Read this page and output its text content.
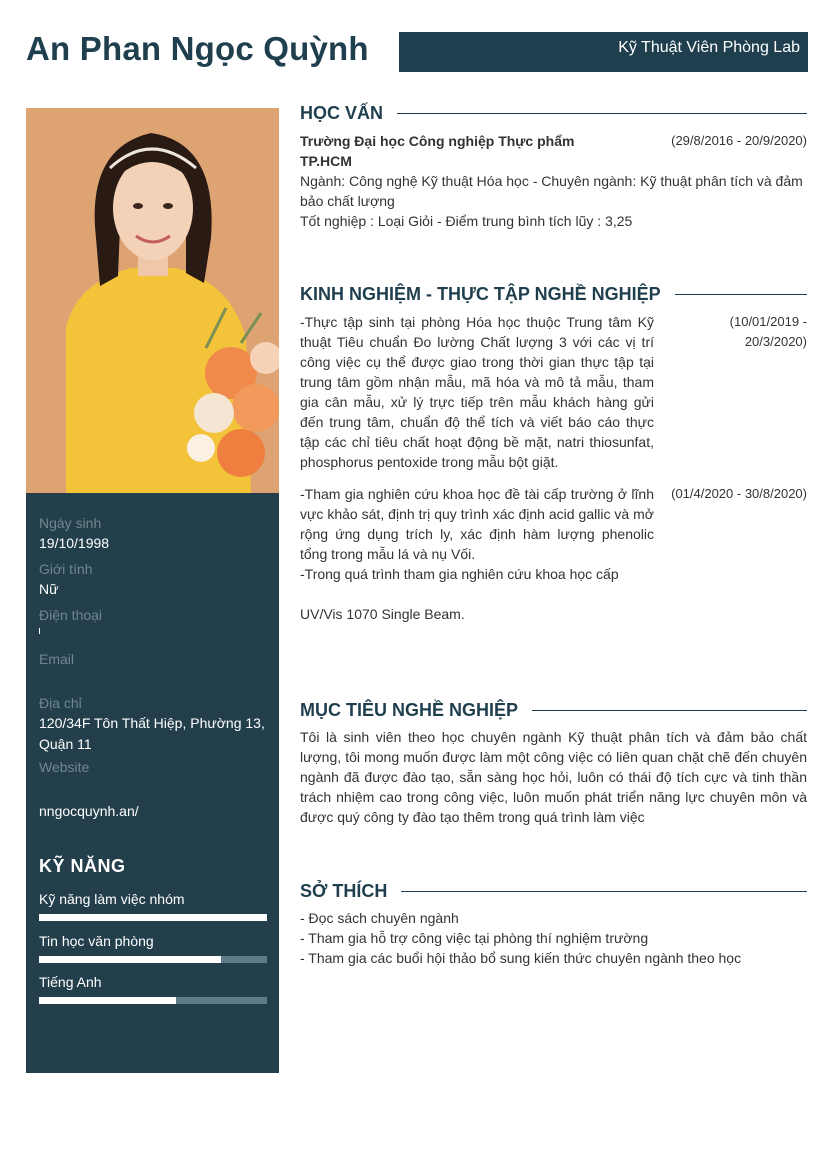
An Phan Ngọc Quỳnh	Kỹ Thuật Viên Phòng Lab
Ngày sinh
19/10/1998
Giới tính
Nữ
Điện thoại
Email
Địa chỉ
120/34F Tôn Thất Hiệp, Phường 13, Quận 11
Website
nngocquynh.an/
KỸ NĂNG
Kỹ năng làm việc nhóm
Tin học văn phòng
Tiếng Anh
HỌC VẤN
Trường Đại học Công nghiệp Thực phẩm TP.HCM
(29/8/2016 - 20/9/2020)
Ngành: Công nghệ Kỹ thuật Hóa học - Chuyên ngành: Kỹ thuật phân tích và đảm bảo chất lượng
Tốt nghiệp : Loại Giỏi - Điểm trung bình tích lũy : 3,25
KINH NGHIỆM - THỰC TẬP NGHỀ NGHIỆP
-Thực tập sinh tại phòng Hóa học thuộc Trung tâm Kỹ thuật Tiêu chuẩn Đo lường Chất lượng 3 với các vị trí công việc cụ thể được giao trong thời gian thực tập tại trung tâm gồm nhận mẫu, mã hóa và mô tả mẫu, tham gia cân mẫu, xử lý trực tiếp trên mẫu khách hàng gửi đến trung tâm, chuẩn độ thể tích và viết báo cáo thực tập các chỉ tiêu chất hoạt động bề mặt, natri thiosunfat, phosphorus pentoxide trong mẫu bột giặt.
(10/01/2019 -
20/3/2020)
-Tham gia nghiên cứu khoa học đề tài cấp trường ở lĩnh vực khảo sát, định trị quy trình xác định acid gallic và mở rộng ứng dụng trích ly, xác định hàm lượng phenolic tổng trong mẫu lá và nụ Vối.
-Trong quá trình tham gia nghiên cứu khoa học cấp
(01/4/2020 - 30/8/2020)
UV/Vis 1070 Single Beam.
MỤC TIÊU NGHỀ NGHIỆP
Tôi là sinh viên theo học chuyên ngành Kỹ thuật phân tích và đảm bảo chất lượng, tôi mong muốn được làm một công việc có liên quan chặt chẽ đến chuyên ngành đã được đào tạo, sẵn sàng học hỏi, luôn có thái độ tích cực và tinh thần trách nhiệm cao trong công việc, luôn muốn phát triển năng lực chuyên môn và được quý công ty đào tạo thêm trong quá trình làm việc
SỞ THÍCH
- Đọc sách chuyên ngành
- Tham gia hỗ trợ công việc tại phòng thí nghiệm trường
- Tham gia các buổi hội thảo bổ sung kiến thức chuyên ngành theo học
